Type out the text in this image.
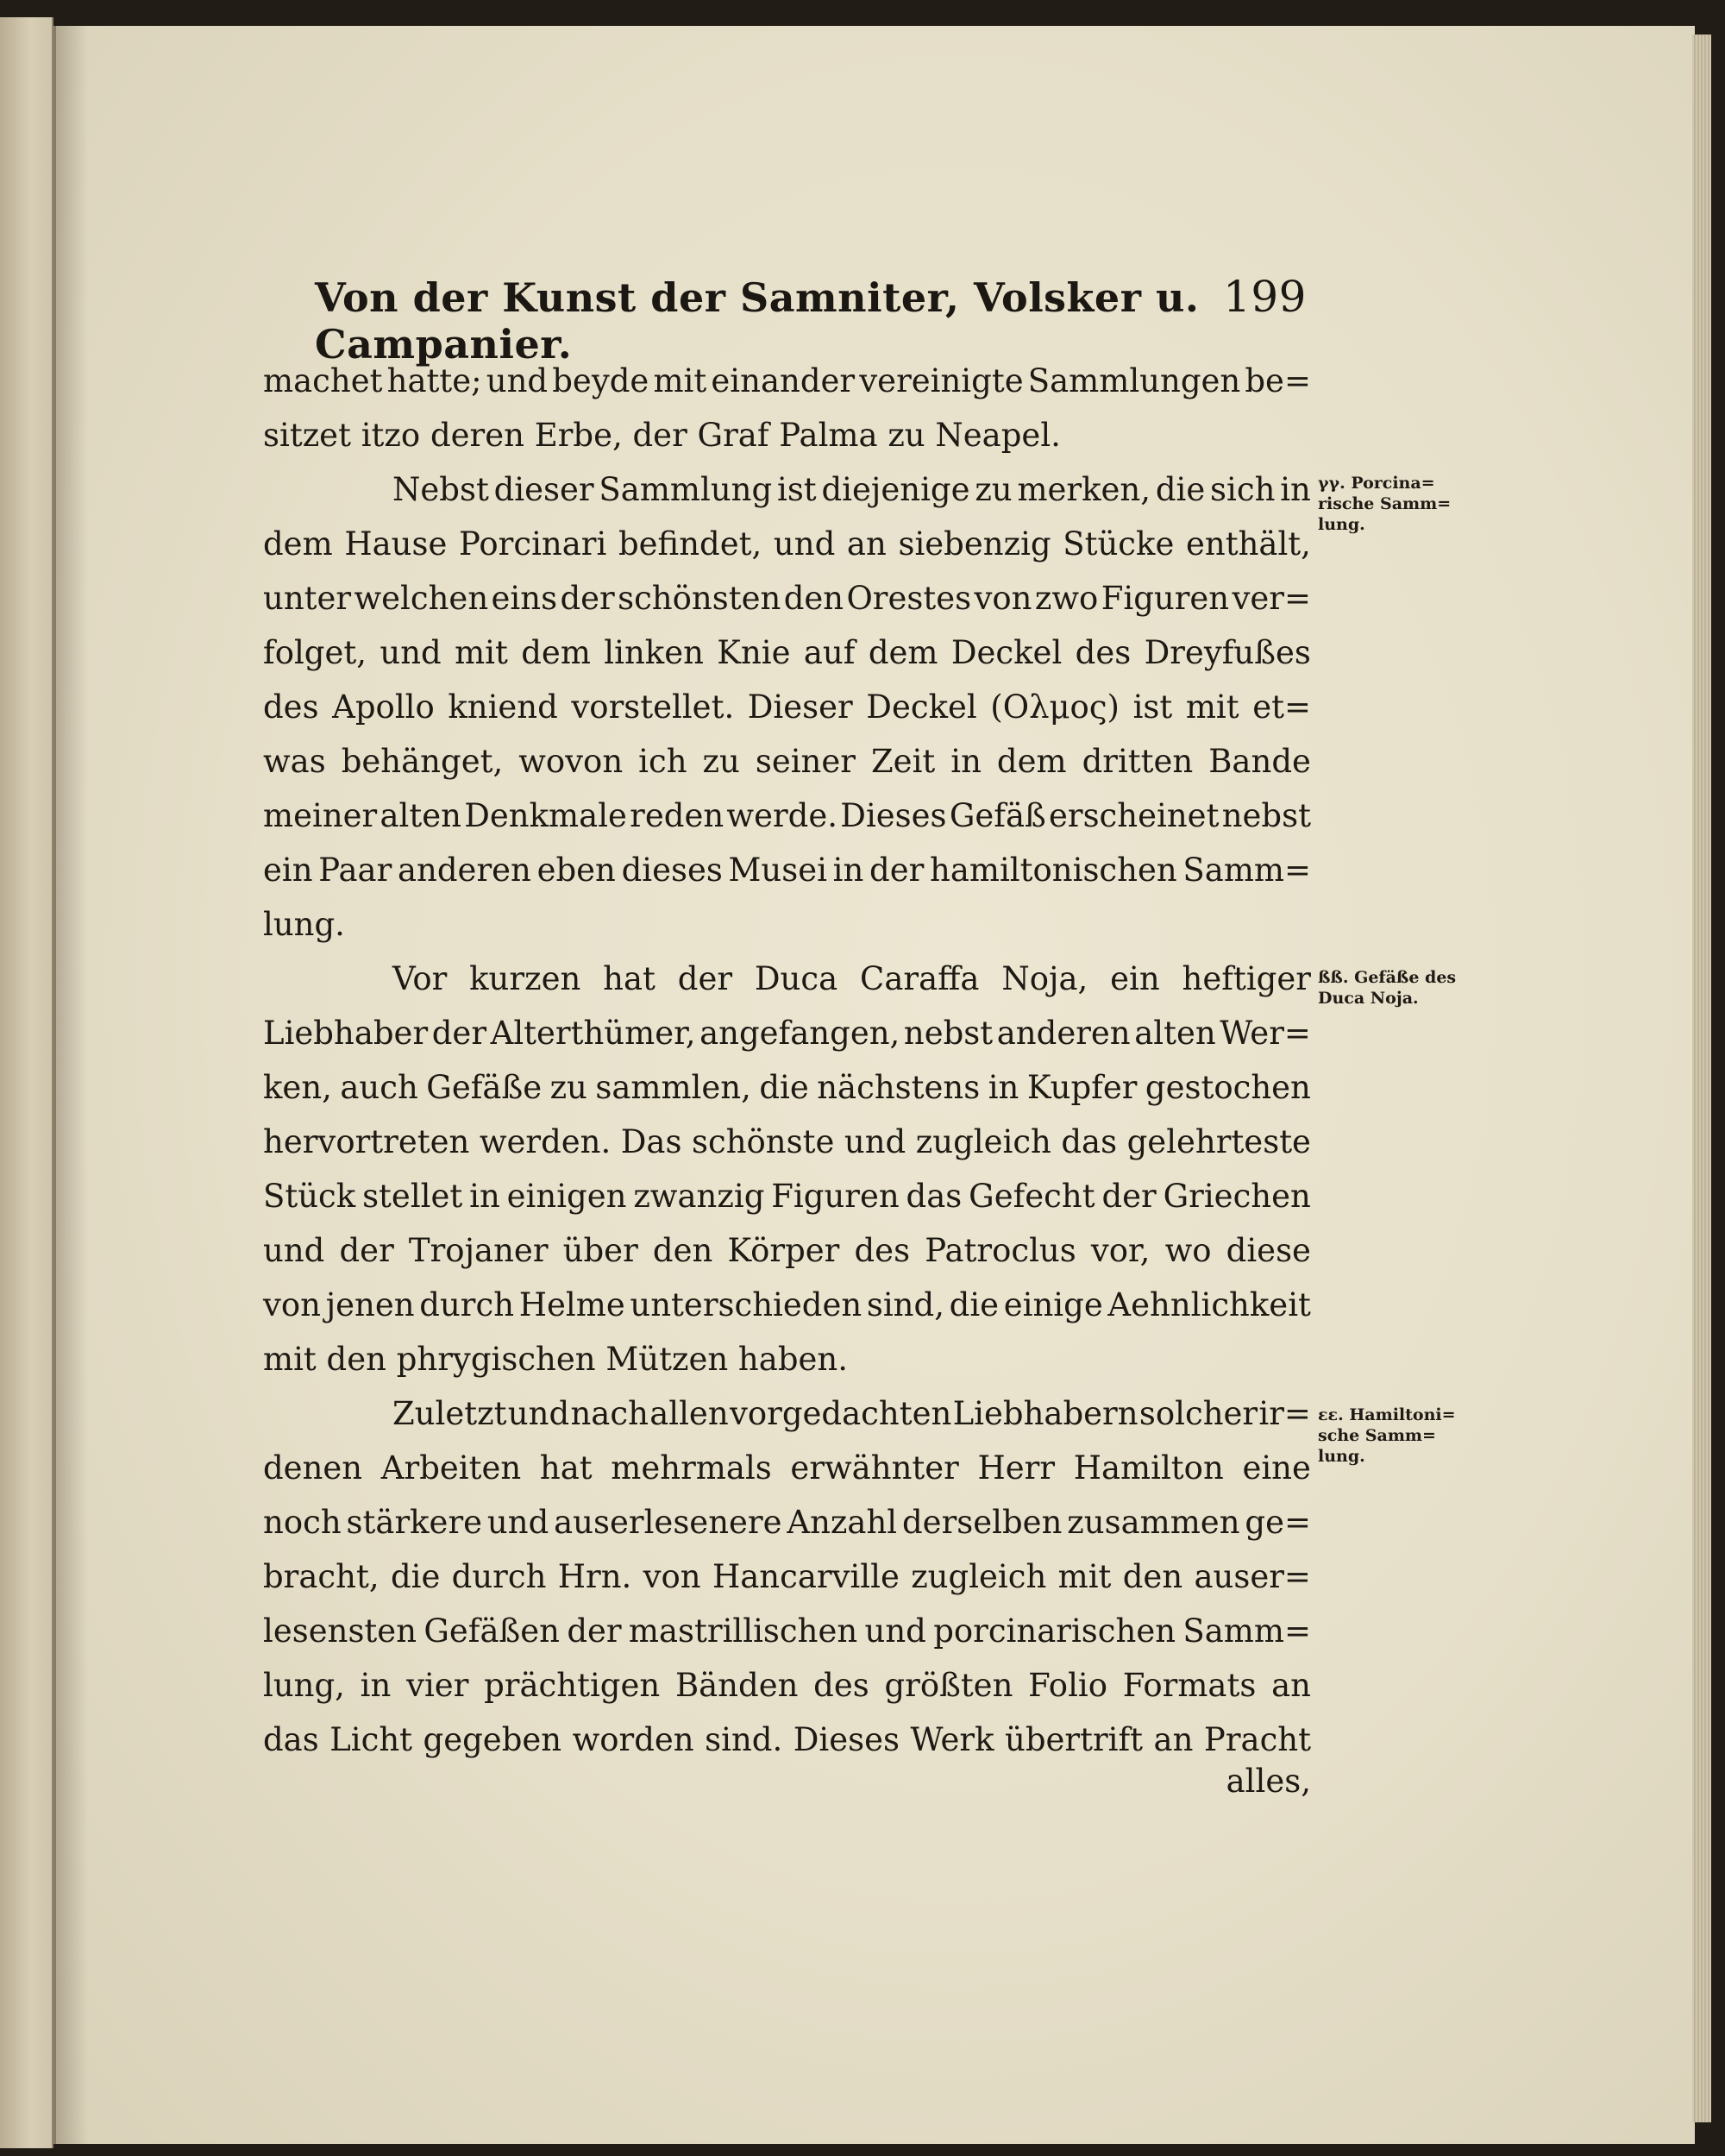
Von der Kunst der Samniter, Volsker u. Campanier.
199
machet hatte; und beyde mit einander vereinigte Sammlungen be=
sitzet itzo deren Erbe, der Graf Palma zu Neapel.
Nebst dieser Sammlung ist diejenige zu merken, die sich in
dem Hause Porcinari befindet, und an siebenzig Stücke enthält,
unter welchen eins der schönsten den Orestes von zwo Figuren ver=
folget, und mit dem linken Knie auf dem Deckel des Dreyfußes
des Apollo kniend vorstellet. Dieser Deckel (Ολμος) ist mit et=
was behänget, wovon ich zu seiner Zeit in dem dritten Bande
meiner alten Denkmale reden werde. Dieses Gefäß erscheinet nebst
ein Paar anderen eben dieses Musei in der hamiltonischen Samm=
lung.
Vor kurzen hat der Duca Caraffa Noja, ein heftiger
Liebhaber der Alterthümer, angefangen, nebst anderen alten Wer=
ken, auch Gefäße zu sammlen, die nächstens in Kupfer gestochen
hervortreten werden. Das schönste und zugleich das gelehrteste
Stück stellet in einigen zwanzig Figuren das Gefecht der Griechen
und der Trojaner über den Körper des Patroclus vor, wo diese
von jenen durch Helme unterschieden sind, die einige Aehnlichkeit
mit den phrygischen Mützen haben.
Zuletzt und nach allen vorgedachten Liebhabern solcher ir=
denen Arbeiten hat mehrmals erwähnter Herr Hamilton eine
noch stärkere und auserlesenere Anzahl derselben zusammen ge=
bracht, die durch Hrn. von Hancarville zugleich mit den auser=
lesensten Gefäßen der mastrillischen und porcinarischen Samm=
lung, in vier prächtigen Bänden des größten Folio Formats an
das Licht gegeben worden sind. Dieses Werk übertrift an Pracht
alles,
γγ. Porcina=
rische Samm=
lung.
ßß. Gefäße des
Duca Noja.
εε. Hamiltoni=
sche Samm=
lung.
